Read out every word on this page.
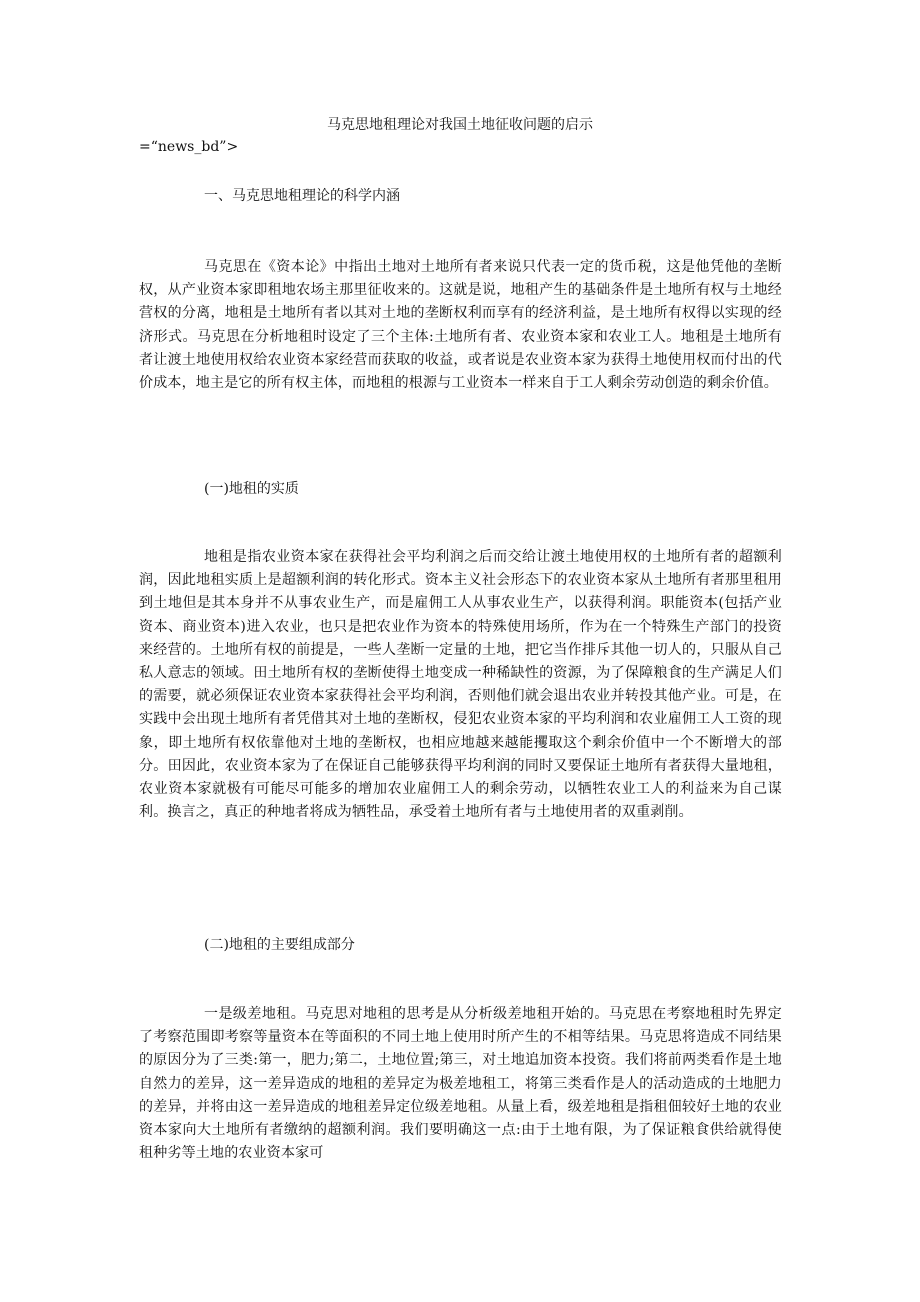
马克思地租理论对我国土地征收问题的启示
=“news_bd”>
一、马克思地租理论的科学内涵

马克思在《资本论》中指出土地对土地所有者来说只代表一定的货币税，这是他凭他的垄断权，从产业资本家即租地农场主那里征收来的。这就是说，地租产生的基础条件是土地所有权与土地经营权的分离，地租是土地所有者以其对土地的垄断权利而享有的经济利益，是土地所有权得以实现的经济形式。马克思在分析地租时设定了三个主体:土地所有者、农业资本家和农业工人。地租是土地所有者让渡土地使用权给农业资本家经营而获取的收益，或者说是农业资本家为获得土地使用权而付出的代价成本，地主是它的所有权主体，而地租的根源与工业资本一样来自于工人剩余劳动创造的剩余价值。

(一)地租的实质

地租是指农业资本家在获得社会平均利润之后而交给让渡土地使用权的土地所有者的超额利润，因此地租实质上是超额利润的转化形式。资本主义社会形态下的农业资本家从土地所有者那里租用到土地但是其本身并不从事农业生产，而是雇佣工人从事农业生产，以获得利润。职能资本(包括产业资本、商业资本)进入农业，也只是把农业作为资本的特殊使用场所，作为在一个特殊生产部门的投资来经营的。土地所有权的前提是，一些人垄断一定量的土地，把它当作排斥其他一切人的，只服从自己私人意志的领域。田土地所有权的垄断使得土地变成一种稀缺性的资源，为了保障粮食的生产满足人们的需要，就必须保证农业资本家获得社会平均利润，否则他们就会退出农业并转投其他产业。可是，在实践中会出现土地所有者凭借其对土地的垄断权，侵犯农业资本家的平均利润和农业雇佣工人工资的现象，即土地所有权依靠他对土地的垄断权，也相应地越来越能攫取这个剩余价值中一个不断增大的部分。田因此，农业资本家为了在保证自己能够获得平均利润的同时又要保证土地所有者获得大量地租，农业资本家就极有可能尽可能多的增加农业雇佣工人的剩余劳动，以牺牲农业工人的利益来为自己谋利。换言之，真正的种地者将成为牺牲品，承受着土地所有者与土地使用者的双重剥削。

(二)地租的主要组成部分

一是级差地租。马克思对地租的思考是从分析级差地租开始的。马克思在考察地租时先界定了考察范围即考察等量资本在等面积的不同土地上使用时所产生的不相等结果。马克思将造成不同结果的原因分为了三类:第一，肥力;第二，土地位置;第三，对土地追加资本投资。我们将前两类看作是土地自然力的差异，这一差异造成的地租的差异定为极差地租工，将第三类看作是人的活动造成的土地肥力的差异，并将由这一差异造成的地租差异定位级差地租。从量上看，级差地租是指租佃较好土地的农业资本家向大土地所有者缴纳的超额利润。我们要明确这一点:由于土地有限，为了保证粮食供给就得使租种劣等土地的农业资本家可
